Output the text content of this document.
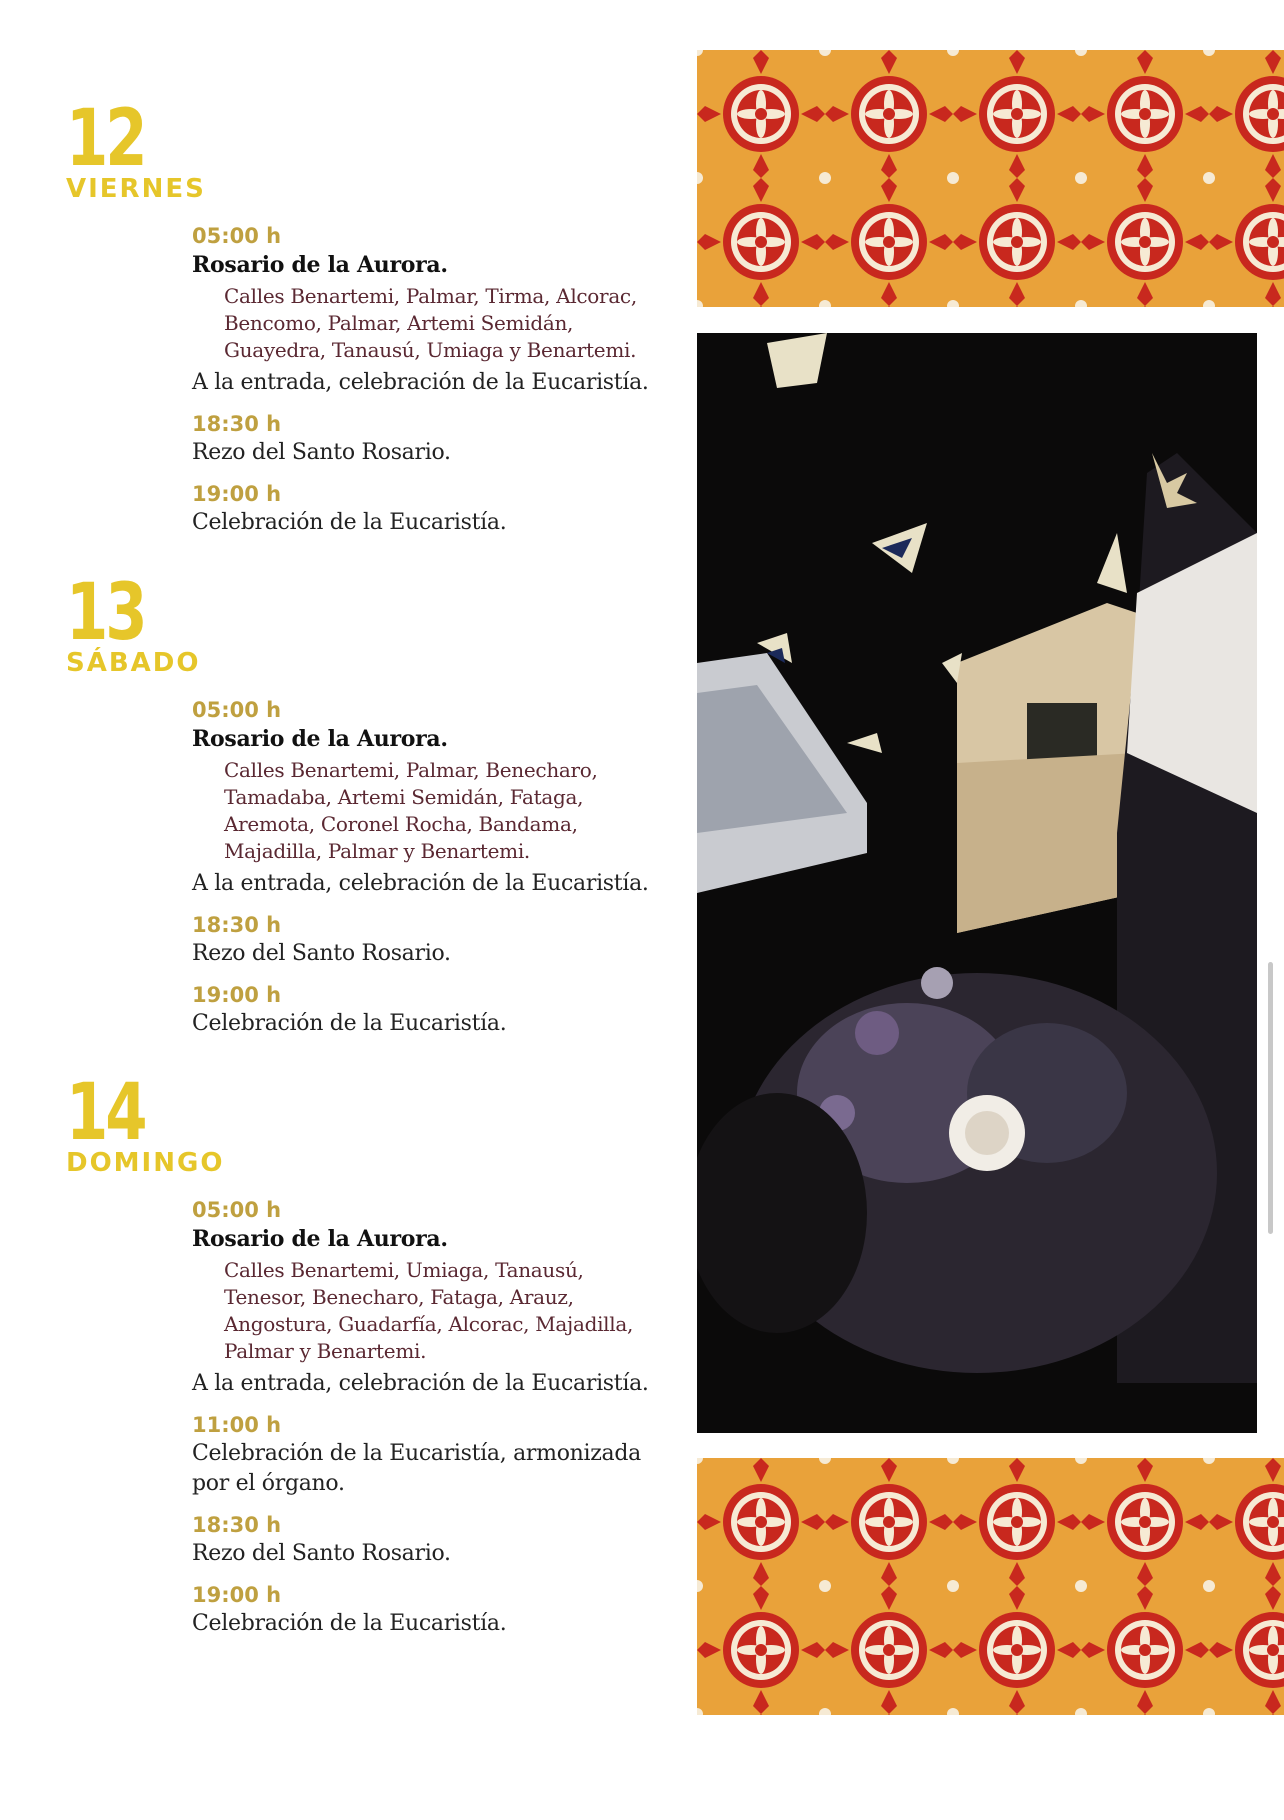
12
VIERNES
05:00 h
Rosario de la Aurora.
Calles Benartemi, Palmar, Tirma, Alcorac,
Bencomo, Palmar, Artemi Semidán,
Guayedra, Tanausú, Umiaga y Benartemi.
A la entrada, celebración de la Eucaristía.
18:30 h
Rezo del Santo Rosario.
19:00 h
Celebración de la Eucaristía.
13
SÁBADO
05:00 h
Rosario de la Aurora.
Calles Benartemi, Palmar, Benecharo,
Tamadaba, Artemi Semidán, Fataga,
Aremota, Coronel Rocha, Bandama,
Majadilla, Palmar y Benartemi.
A la entrada, celebración de la Eucaristía.
18:30 h
Rezo del Santo Rosario.
19:00 h
Celebración de la Eucaristía.
14
DOMINGO
05:00 h
Rosario de la Aurora.
Calles Benartemi, Umiaga, Tanausú,
Tenesor, Benecharo, Fataga, Arauz,
Angostura, Guadarfía, Alcorac, Majadilla,
Palmar y Benartemi.
A la entrada, celebración de la Eucaristía.
11:00 h
Celebración de la Eucaristía, armonizada
por el órgano.
18:30 h
Rezo del Santo Rosario.
19:00 h
Celebración de la Eucaristía.
